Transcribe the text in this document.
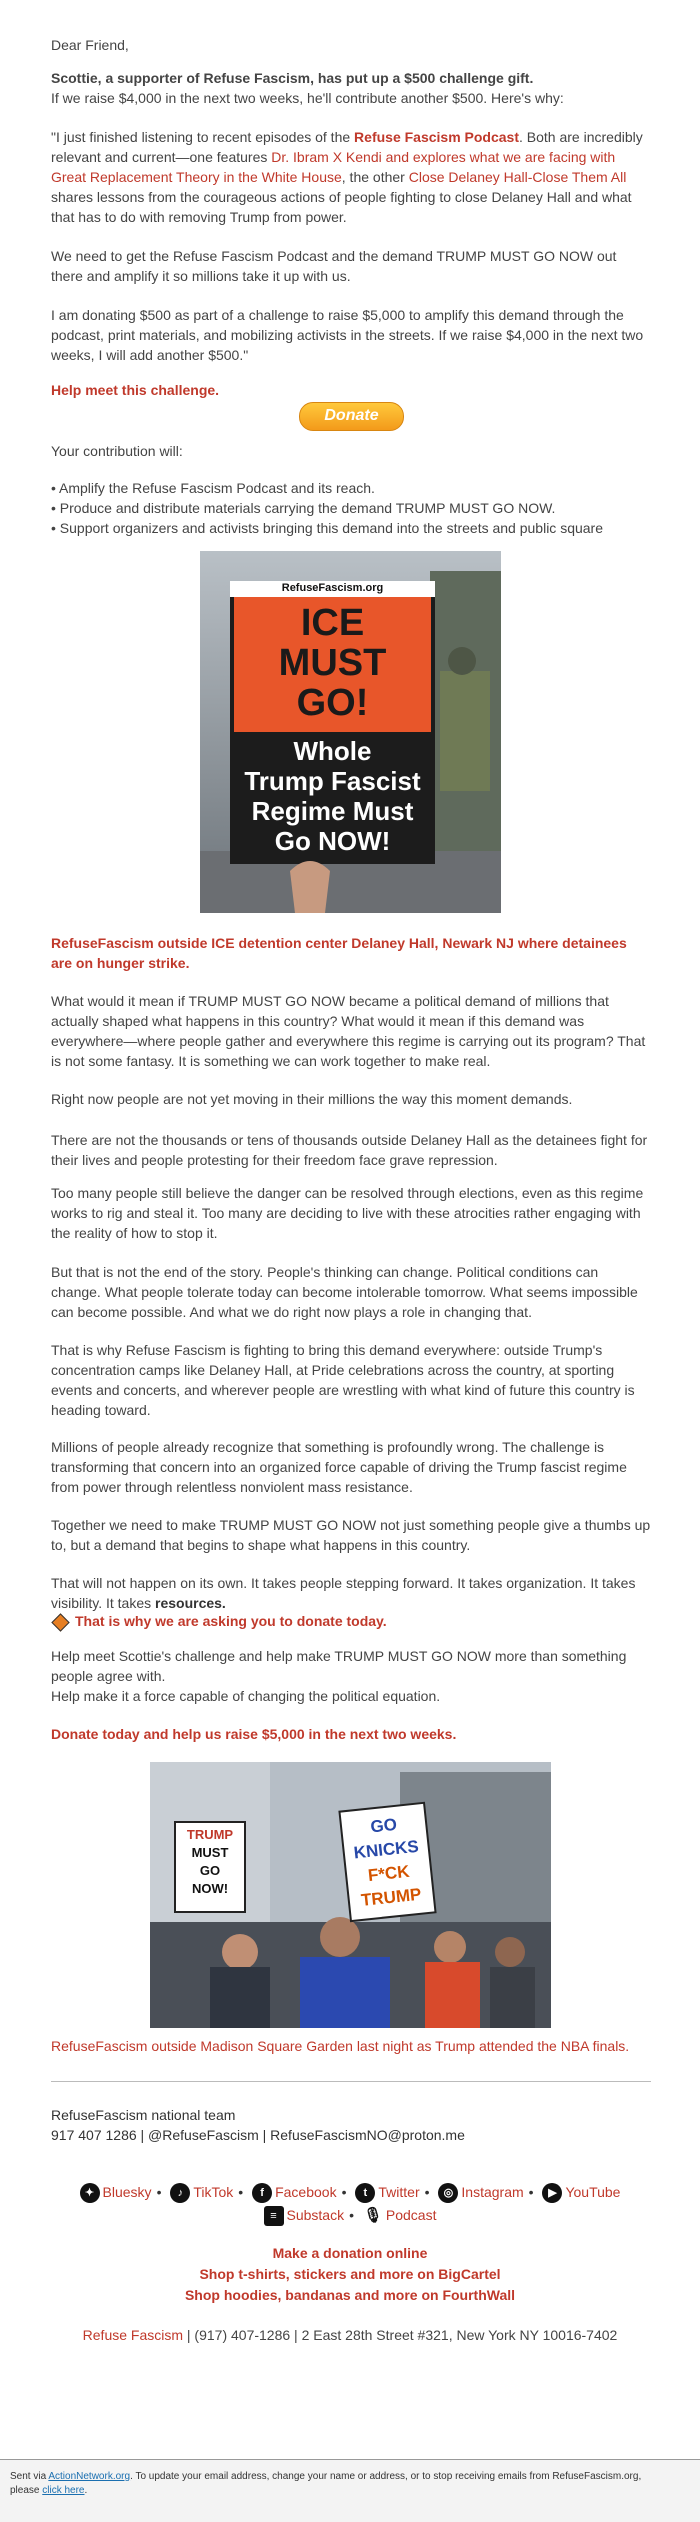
Dear Friend,

Scottie, a supporter of Refuse Fascism, has put up a $500 challenge gift.

If we raise $4,000 in the next two weeks, he'll contribute another $500. Here's why:

"I just finished listening to recent episodes of the Refuse Fascism Podcast. Both are incredibly relevant and current—one features Dr. Ibram X Kendi and explores what we are facing with Great Replacement Theory in the White House, the other Close Delaney Hall-Close Them All shares lessons from the courageous actions of people fighting to close Delaney Hall and what that has to do with removing Trump from power.

We need to get the Refuse Fascism Podcast and the demand TRUMP MUST GO NOW out there and amplify it so millions take it up with us.

I am donating $500 as part of a challenge to raise $5,000 to amplify this demand through the podcast, print materials, and mobilizing activists in the streets. If we raise $4,000 in the next two weeks, I will add another $500."

Help meet this challenge.

Donate

Your contribution will:

• Amplify the Refuse Fascism Podcast and its reach.

• Produce and distribute materials carrying the demand TRUMP MUST GO NOW.

• Support organizers and activists bringing this demand into the streets and public square

RefuseFascism.org
ICE
MUST
GO!
Whole
Trump Fascist
Regime Must
Go NOW!

RefuseFascism outside ICE detention center Delaney Hall, Newark NJ where detainees are on hunger strike.

What would it mean if TRUMP MUST GO NOW became a political demand of millions that actually shaped what happens in this country? What would it mean if this demand was everywhere—where people gather and everywhere this regime is carrying out its program? That is not some fantasy. It is something we can work together to make real.

Right now people are not yet moving in their millions the way this moment demands.

There are not the thousands or tens of thousands outside Delaney Hall as the detainees fight for their lives and people protesting for their freedom face grave repression.

Too many people still believe the danger can be resolved through elections, even as this regime works to rig and steal it. Too many are deciding to live with these atrocities rather engaging with the reality of how to stop it.

But that is not the end of the story. People's thinking can change. Political conditions can change. What people tolerate today can become intolerable tomorrow. What seems impossible can become possible. And what we do right now plays a role in changing that.

That is why Refuse Fascism is fighting to bring this demand everywhere: outside Trump's concentration camps like Delaney Hall, at Pride celebrations across the country, at sporting events and concerts, and wherever people are wrestling with what kind of future this country is heading toward.

Millions of people already recognize that something is profoundly wrong. The challenge is transforming that concern into an organized force capable of driving the Trump fascist regime from power through relentless nonviolent mass resistance.

Together we need to make TRUMP MUST GO NOW not just something people give a thumbs up to, but a demand that begins to shape what happens in this country.

That will not happen on its own. It takes people stepping forward. It takes organization. It takes visibility. It takes resources.

That is why we are asking you to donate today.

Help meet Scottie's challenge and help make TRUMP MUST GO NOW more than something people agree with.

Help make it a force capable of changing the political equation.

Donate today and help us raise $5,000 in the next two weeks.

TRUMP
MUST
GO
NOW!
GO
KNICKS
F*CK
TRUMP

RefuseFascism outside Madison Square Garden last night as Trump attended the NBA finals.

RefuseFascism national team

917 407 1286 | @RefuseFascism | RefuseFascismNO@proton.me

✦ Bluesky • ♪ TikTok • f Facebook • t Twitter • ◎ Instagram • ▶ YouTube
≡ Substack • 🎙 Podcast
Make a donation online
Shop t-shirts, stickers and more on BigCartel
Shop hoodies, bandanas and more on FourthWall

Refuse Fascism | (917) 407-1286 | 2 East 28th Street #321, New York NY 10016-7402

Sent via ActionNetwork.org. To update your email address, change your name or address, or to stop receiving emails from RefuseFascism.org, please click here.
